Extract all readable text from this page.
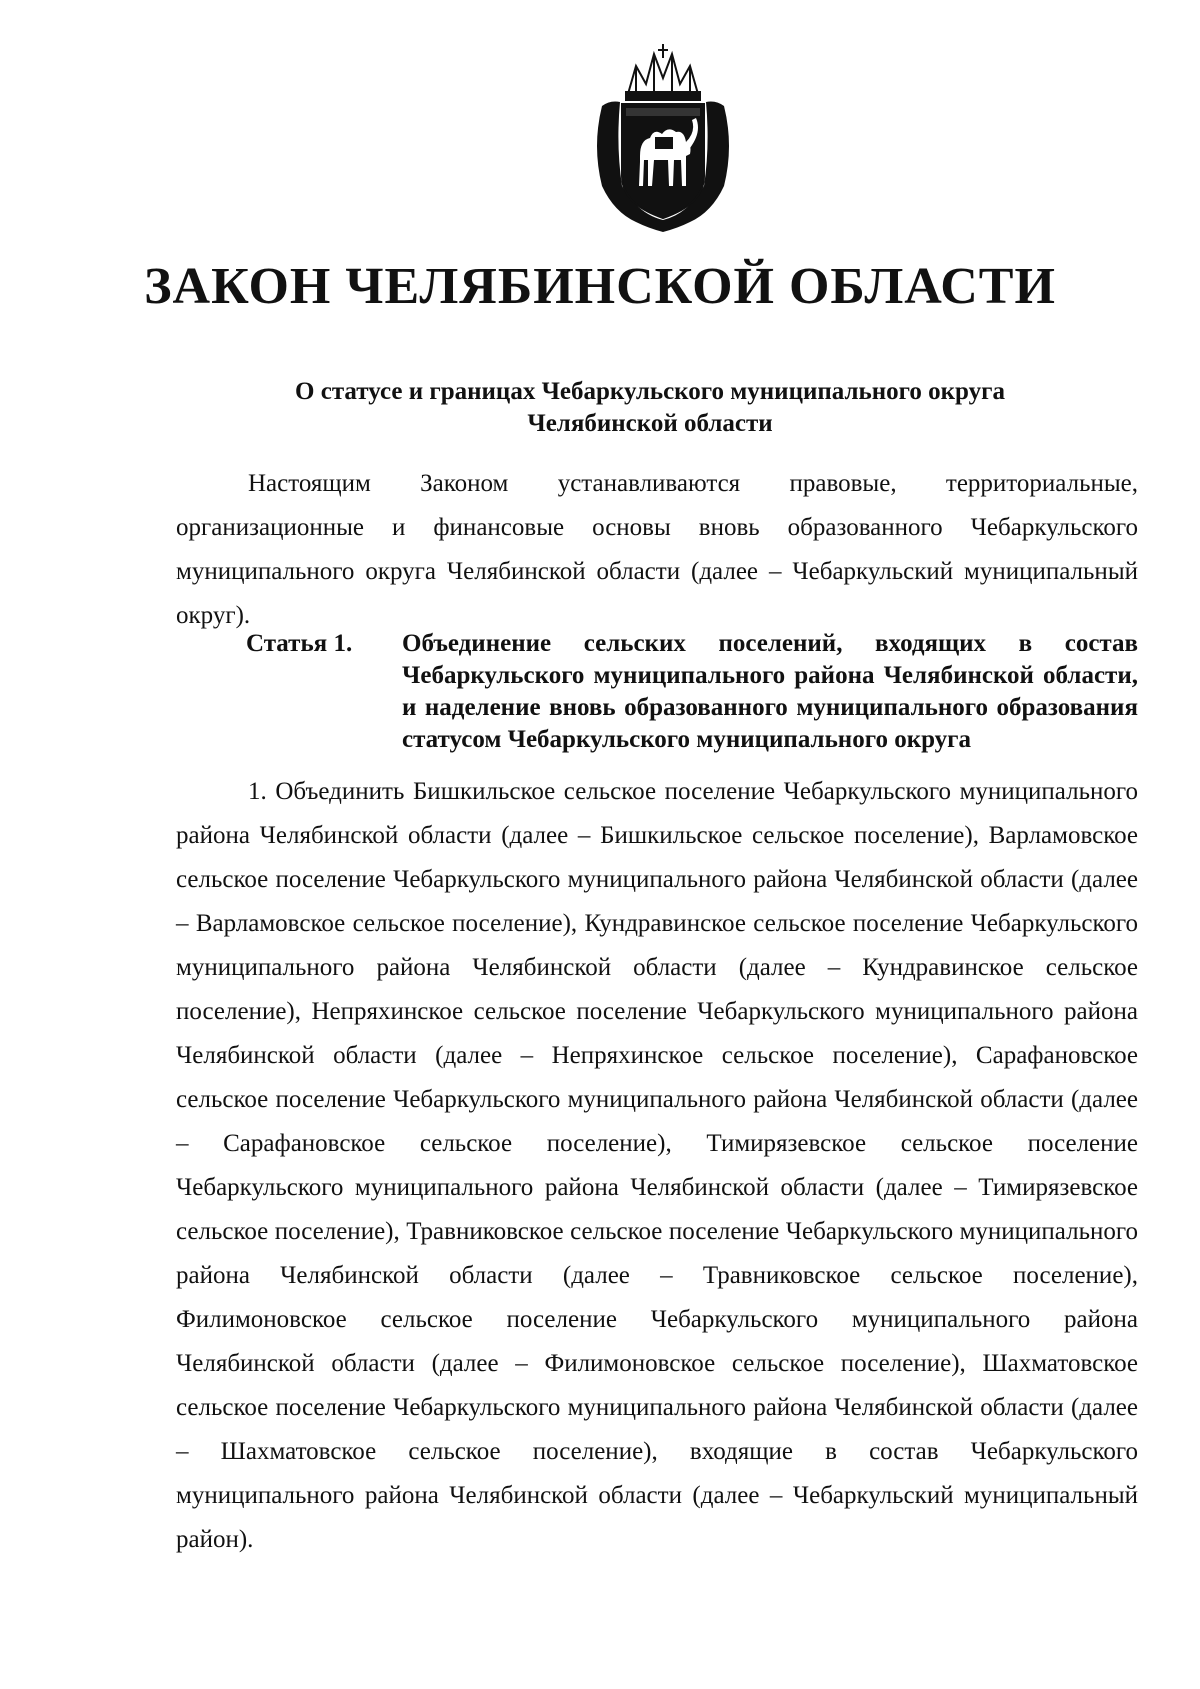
ЗАКОН ЧЕЛЯБИНСКОЙ ОБЛАСТИ
О статусе и границах Чебаркульского муниципального округа
Челябинской области

Настоящим Законом устанавливаются правовые, территориальные, организационные и финансовые основы вновь образованного Чебаркульского муниципального округа Челябинской области (далее – Чебаркульский муниципальный округ).

Статья 1.	Объединение сельских поселений, входящих в состав Чебаркульского муниципального района Челябинской области, и наделение вновь образованного муниципального образования статусом Чебаркульского муниципального округа

1. Объединить Бишкильское сельское поселение Чебаркульского муниципального района Челябинской области (далее – Бишкильское сельское поселение), Варламовское сельское поселение Чебаркульского муниципального района Челябинской области (далее – Варламовское сельское поселение), Кундравинское сельское поселение Чебаркульского муниципального района Челябинской области (далее – Кундравинское сельское поселение), Непряхинское сельское поселение Чебаркульского муниципального района Челябинской области (далее – Непряхинское сельское поселение), Сарафановское сельское поселение Чебаркульского муниципального района Челябинской области (далее – Сарафановское сельское поселение), Тимирязевское сельское поселение Чебаркульского муниципального района Челябинской области (далее – Тимирязевское сельское поселение), Травниковское сельское поселение Чебаркульского муниципального района Челябинской области (далее – Травниковское сельское поселение), Филимоновское сельское поселение Чебаркульского муниципального района Челябинской области (далее – Филимоновское сельское поселение), Шахматовское сельское поселение Чебаркульского муниципального района Челябинской области (далее – Шахматовское сельское поселение), входящие в состав Чебаркульского муниципального района Челябинской области (далее – Чебаркульский муниципальный район).
